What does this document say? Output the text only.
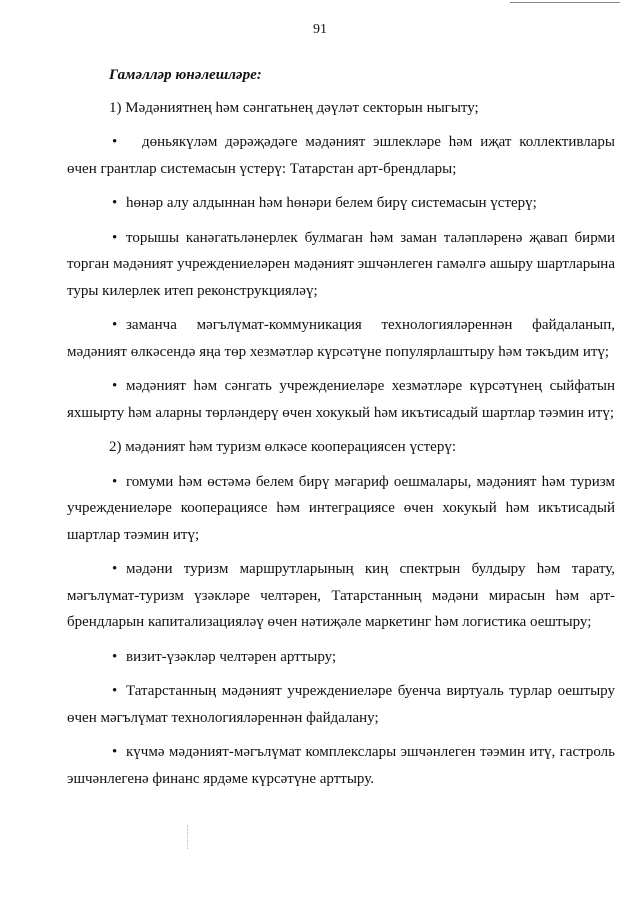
91
Гамәлләр юнәлешләре:

1) Мәдәниятнең һәм сәнгатьнең дәүләт секторын ныгыту;

• дөньякүләм дәрәҗәдәге мәдәният эшлекләре һәм иҗат коллективлары өчен грантлар системасын үстерү: Татарстан арт-брендлары;

• һөнәр алу алдыннан һәм һөнәри белем бирү системасын үстерү;

• торышы канәгатьләнерлек булмаган һәм заман таләпләренә җавап бирми торган мәдәният учреждениеләрен мәдәният эшчәнлеген гамәлгә ашыру шартларына туры килерлек итеп реконструкцияләү;

• заманча мәгълүмат-коммуникация технологияләреннән файдаланып, мәдәният өлкәсендә яңа төр хезмәтләр күрсәтүне популярлаштыру һәм тәкъдим итү;

• мәдәният һәм сәнгать учреждениеләре хезмәтләре күрсәтүнең сыйфатын яхшырту һәм аларны төрләндерү өчен хокукый һәм икътисадый шартлар тәэмин итү;

2) мәдәният һәм туризм өлкәсе кооперациясен үстерү:

• гомуми һәм өстәмә белем бирү мәгариф оешмалары, мәдәният һәм туризм учреждениеләре кооперациясе һәм интеграциясе өчен хокукый һәм икътисадый шартлар тәэмин итү;

• мәдәни туризм маршрутларының киң спектрын булдыру һәм тарату, мәгълүмат-туризм үзәкләре челтәрен, Татарстанның мәдәни мирасын һәм арт-брендларын капитализацияләү өчен нәтиҗәле маркетинг һәм логистика оештыру;

• визит-үзәкләр челтәрен арттыру;

• Татарстанның мәдәният учреждениеләре буенча виртуаль турлар оештыру өчен мәгълүмат технологияләреннән файдалану;

• күчмә мәдәният-мәгълүмат комплекслары эшчәнлеген тәэмин итү, гастроль эшчәнлегенә финанс ярдәме күрсәтүне арттыру.
